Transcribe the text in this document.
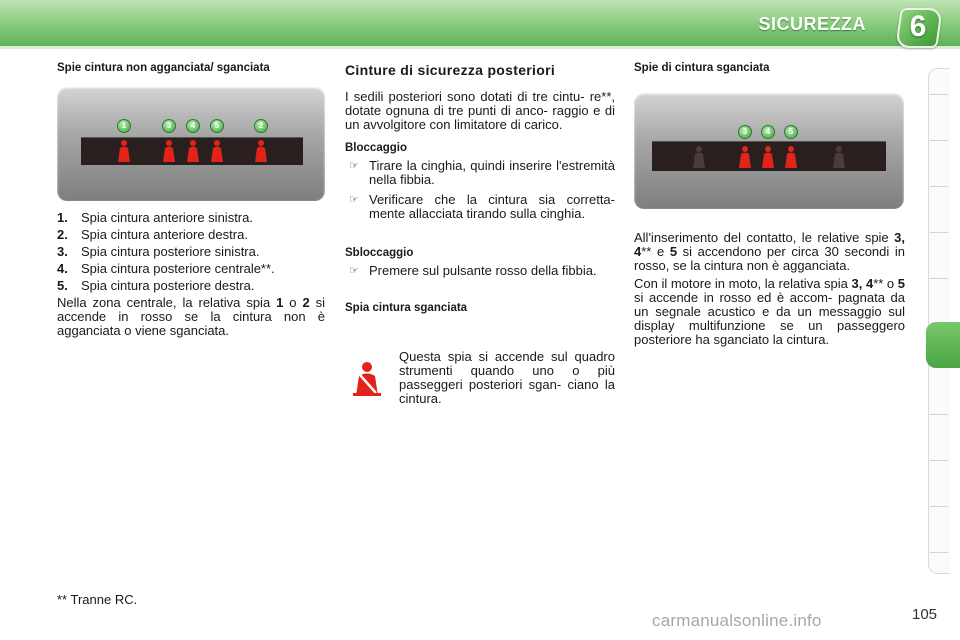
SICUREZZA 6
Spie cintura non agganciata/ sganciata
1	3	4	5	2
1.	Spia cintura anteriore sinistra.
2.	Spia cintura anteriore destra.
3.	Spia cintura posteriore sinistra.
4.	Spia cintura posteriore centrale**.
5.	Spia cintura posteriore destra.
Nella zona centrale, la relativa spia 1 o 2 si accende in rosso se la cintura non è agganciata o viene sganciata.
Cinture di sicurezza posteriori
I sedili posteriori sono dotati di tre cintu- re**, dotate ognuna di tre punti di anco- raggio e di un avvolgitore con limitatore di carico.
Bloccaggio
☞ Tirare la cinghia, quindi inserire l'estremità nella fibbia.
☞ Verificare che la cintura sia corretta- mente allacciata tirando sulla cinghia.
Sbloccaggio
☞ Premere sul pulsante rosso della fibbia.
Spia cintura sganciata
Questa spia si accende sul quadro strumenti quando uno o più passeggeri posteriori sgan- ciano la cintura.
Spie di cintura sganciata
3	4	5
All'inserimento del contatto, le relative spie 3, 4** e 5 si accendono per circa 30 secondi in rosso, se la cintura non è agganciata.
Con il motore in moto, la relativa spia 3, 4** o 5 si accende in rosso ed è accom- pagnata da un segnale acustico e da un messaggio sul display multifunzione se un passeggero posteriore ha sganciato la cintura.
** Tranne RC.
carmanualsonline.info	105
